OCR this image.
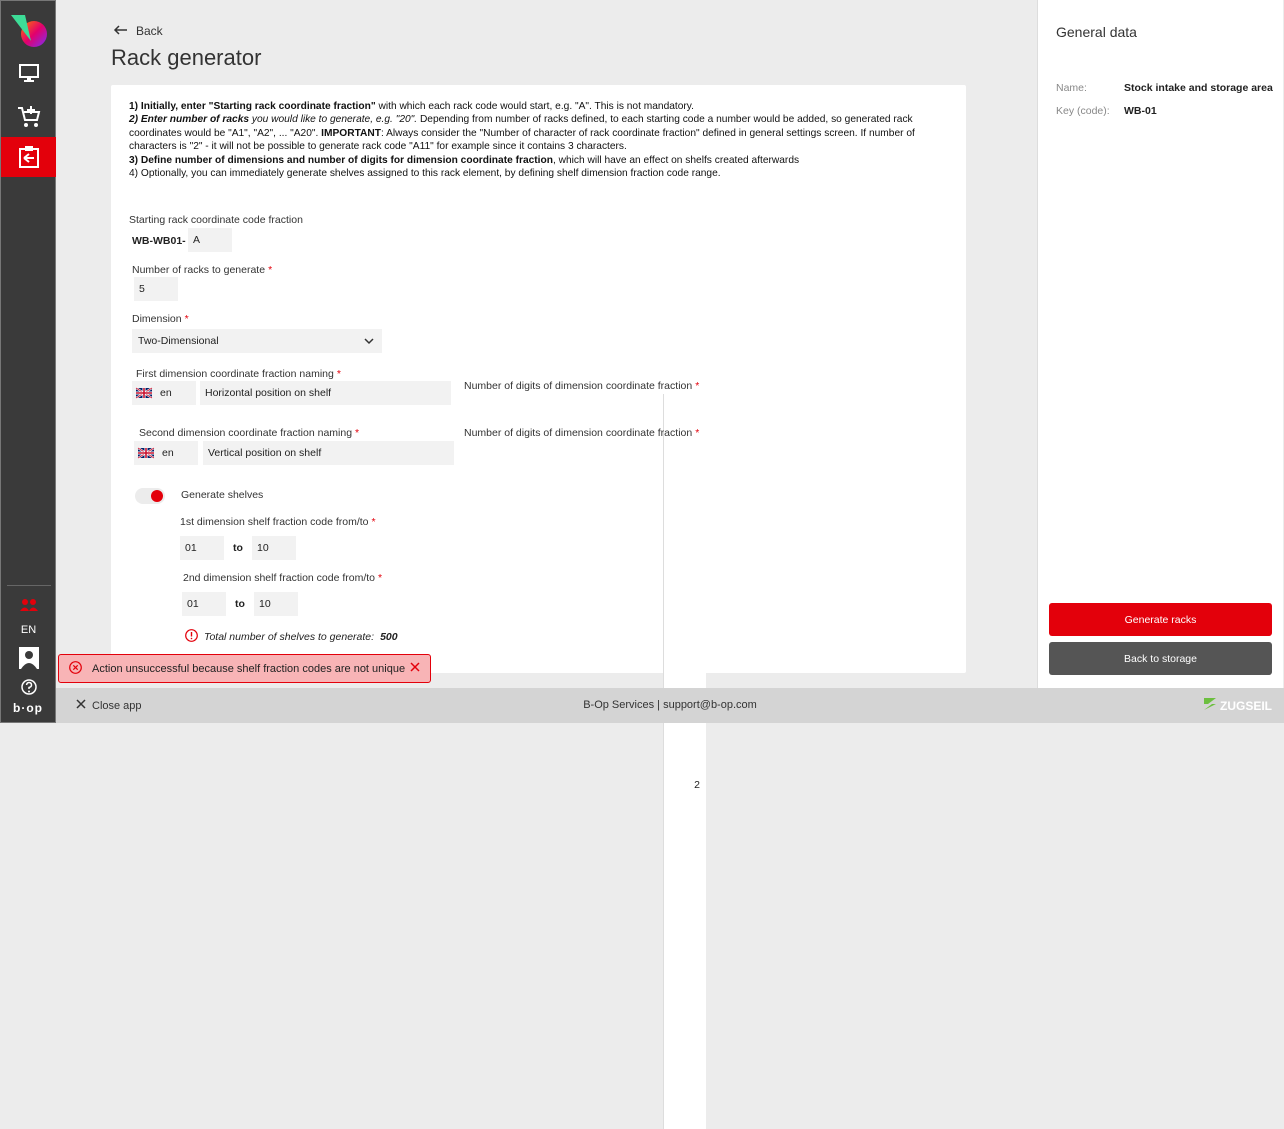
EN
b·op
Back
Rack generator
1) Initially, enter "Starting rack coordinate fraction" with which each rack code would start, e.g. "A". This is not mandatory.
2) Enter number of racks you would like to generate, e.g. "20". Depending from number of racks defined, to each starting code a number would be added, so generated rack coordinates would be "A1", "A2", ... "A20". IMPORTANT: Always consider the "Number of character of rack coordinate fraction" defined in general settings screen. If number of characters is "2" - it will not be possible to generate rack code "A11" for example since it contains 3 characters.
3) Define number of dimensions and number of digits for dimension coordinate fraction, which will have an effect on shelfs created afterwards
4) Optionally, you can immediately generate shelves assigned to this rack element, by defining shelf dimension fraction code range.
Starting rack coordinate code fraction
WB-WB01- A
Number of racks to generate *
5
Dimension *
Two-Dimensional
First dimension coordinate fraction naming *
en	Horizontal position on shelf
Number of digits of dimension coordinate fraction *
Second dimension coordinate fraction naming *
en	Vertical position on shelf
Number of digits of dimension coordinate fraction *
2
Generate shelves
1st dimension shelf fraction code from/to *
01	to	10
2nd dimension shelf fraction code from/to *
01	to	10
Total number of shelves to generate: 500
Action unsuccessful because shelf fraction codes are not unique
General data
Name:	Stock intake and storage area
Key (code): WB-01
Generate racks
Back to storage
Close app	B-Op Services | support@b-op.com	ZUGSEIL
